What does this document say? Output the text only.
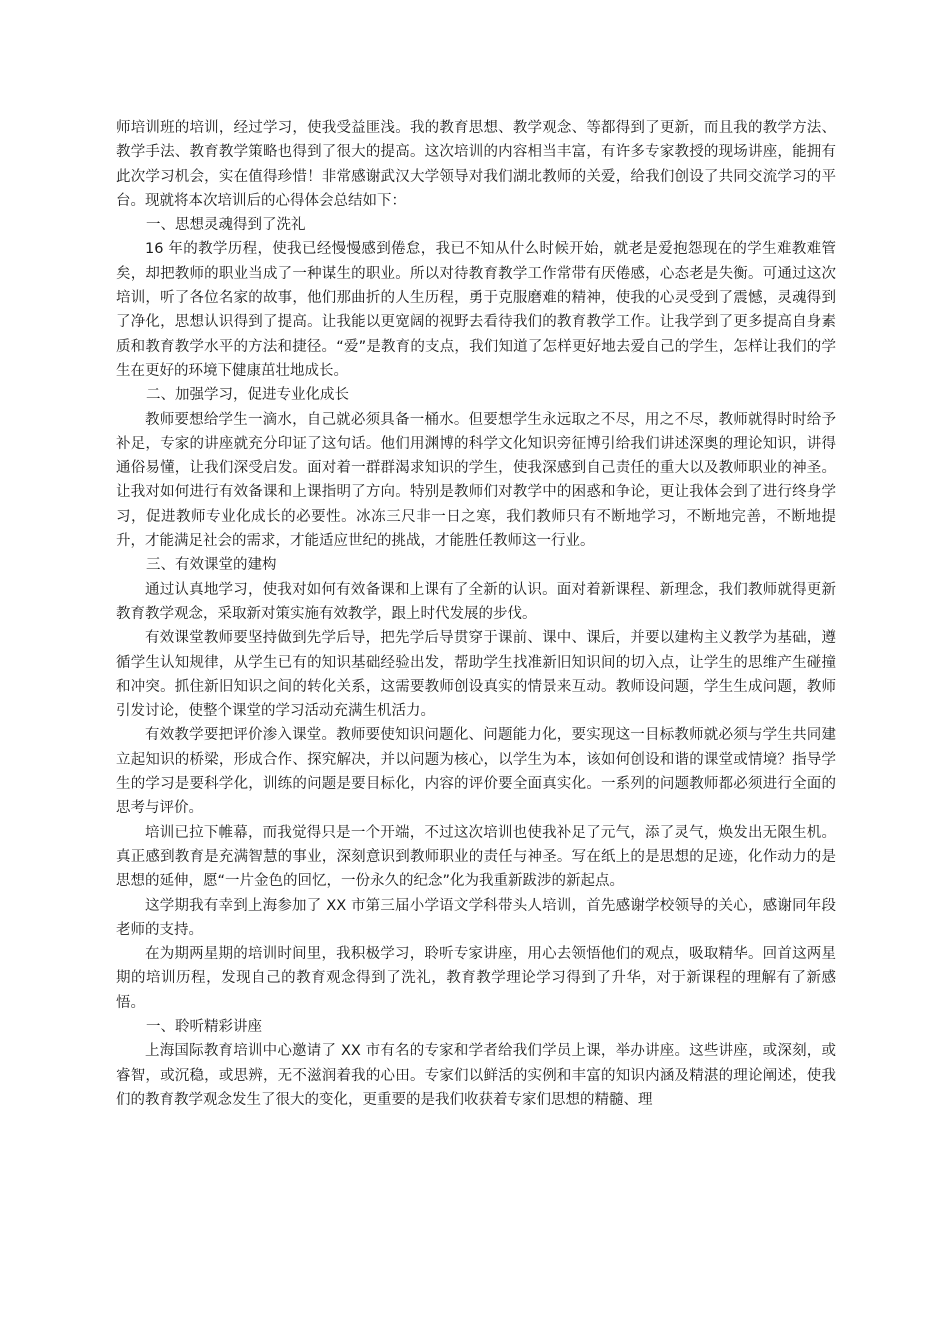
师培训班的培训，经过学习，使我受益匪浅。我的教育思想、教学观念、等都得到了更新，而且我的教学方法、教学手法、教育教学策略也得到了很大的提高。这次培训的内容相当丰富，有许多专家教授的现场讲座，能拥有此次学习机会，实在值得珍惜！非常感谢武汉大学领导对我们湖北教师的关爱，给我们创设了共同交流学习的平台。现就将本次培训后的心得体会总结如下：

一、思想灵魂得到了洗礼

16 年的教学历程，使我已经慢慢感到倦怠，我已不知从什么时候开始，就老是爱抱怨现在的学生难教难管矣，却把教师的职业当成了一种谋生的职业。所以对待教育教学工作常带有厌倦感，心态老是失衡。可通过这次培训，听了各位名家的故事，他们那曲折的人生历程，勇于克服磨难的精神，使我的心灵受到了震憾，灵魂得到了净化，思想认识得到了提高。让我能以更宽阔的视野去看待我们的教育教学工作。让我学到了更多提高自身素质和教育教学水平的方法和捷径。“爱”是教育的支点，我们知道了怎样更好地去爱自己的学生，怎样让我们的学生在更好的环境下健康茁壮地成长。

二、加强学习，促进专业化成长

教师要想给学生一滴水，自己就必须具备一桶水。但要想学生永远取之不尽，用之不尽，教师就得时时给予补足，专家的讲座就充分印证了这句话。他们用渊博的科学文化知识旁征博引给我们讲述深奥的理论知识，讲得通俗易懂，让我们深受启发。面对着一群群渴求知识的学生，使我深感到自己责任的重大以及教师职业的神圣。让我对如何进行有效备课和上课指明了方向。特别是教师们对教学中的困惑和争论，更让我体会到了进行终身学习，促进教师专业化成长的必要性。冰冻三尺非一日之寒，我们教师只有不断地学习，不断地完善，不断地提升，才能满足社会的需求，才能适应世纪的挑战，才能胜任教师这一行业。

三、有效课堂的建构

通过认真地学习，使我对如何有效备课和上课有了全新的认识。面对着新课程、新理念，我们教师就得更新教育教学观念，采取新对策实施有效教学，跟上时代发展的步伐。

有效课堂教师要坚持做到先学后导，把先学后导贯穿于课前、课中、课后，并要以建构主义教学为基础，遵循学生认知规律，从学生已有的知识基础经验出发，帮助学生找准新旧知识间的切入点，让学生的思维产生碰撞和冲突。抓住新旧知识之间的转化关系，这需要教师创设真实的情景来互动。教师设问题，学生生成问题，教师引发讨论，使整个课堂的学习活动充满生机活力。

有效教学要把评价渗入课堂。教师要使知识问题化、问题能力化，要实现这一目标教师就必须与学生共同建立起知识的桥梁，形成合作、探究解决，并以问题为核心，以学生为本，该如何创设和谐的课堂或情境？指导学生的学习是要科学化，训练的问题是要目标化，内容的评价要全面真实化。一系列的问题教师都必须进行全面的思考与评价。

培训已拉下帷幕，而我觉得只是一个开端，不过这次培训也使我补足了元气，添了灵气，焕发出无限生机。真正感到教育是充满智慧的事业，深刻意识到教师职业的责任与神圣。写在纸上的是思想的足迹，化作动力的是思想的延伸，愿“一片金色的回忆，一份永久的纪念”化为我重新跋涉的新起点。

这学期我有幸到上海参加了 XX 市第三届小学语文学科带头人培训，首先感谢学校领导的关心，感谢同年段老师的支持。

在为期两星期的培训时间里，我积极学习，聆听专家讲座，用心去领悟他们的观点，吸取精华。回首这两星期的培训历程，发现自己的教育观念得到了洗礼，教育教学理论学习得到了升华，对于新课程的理解有了新感悟。

一、聆听精彩讲座

上海国际教育培训中心邀请了 XX 市有名的专家和学者给我们学员上课，举办讲座。这些讲座，或深刻，或睿智，或沉稳，或思辨，无不滋润着我的心田。专家们以鲜活的实例和丰富的知识内涵及精湛的理论阐述，使我们的教育教学观念发生了很大的变化，更重要的是我们收获着专家们思想的精髓、理
